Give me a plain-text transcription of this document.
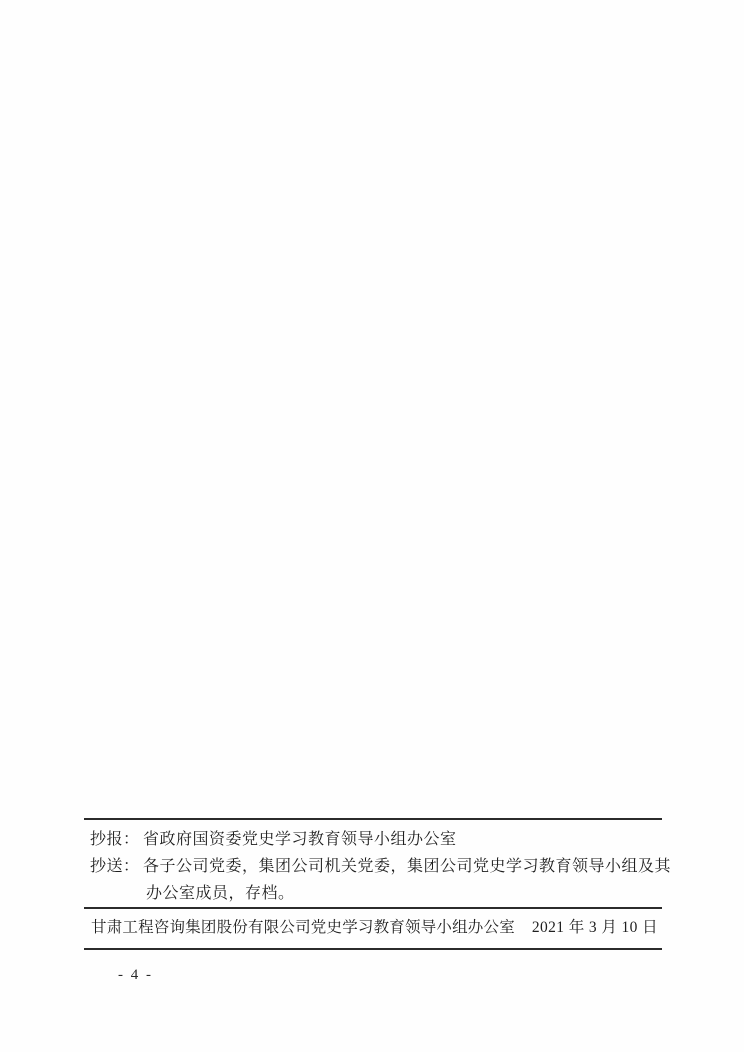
抄报： 省政府国资委党史学习教育领导小组办公室
抄送： 各子公司党委，集团公司机关党委，集团公司党史学习教育领导小组及其
办公室成员，存档。
甘肃工程咨询集团股份有限公司党史学习教育领导小组办公室 2021 年 3 月 10 日
- 4 -
